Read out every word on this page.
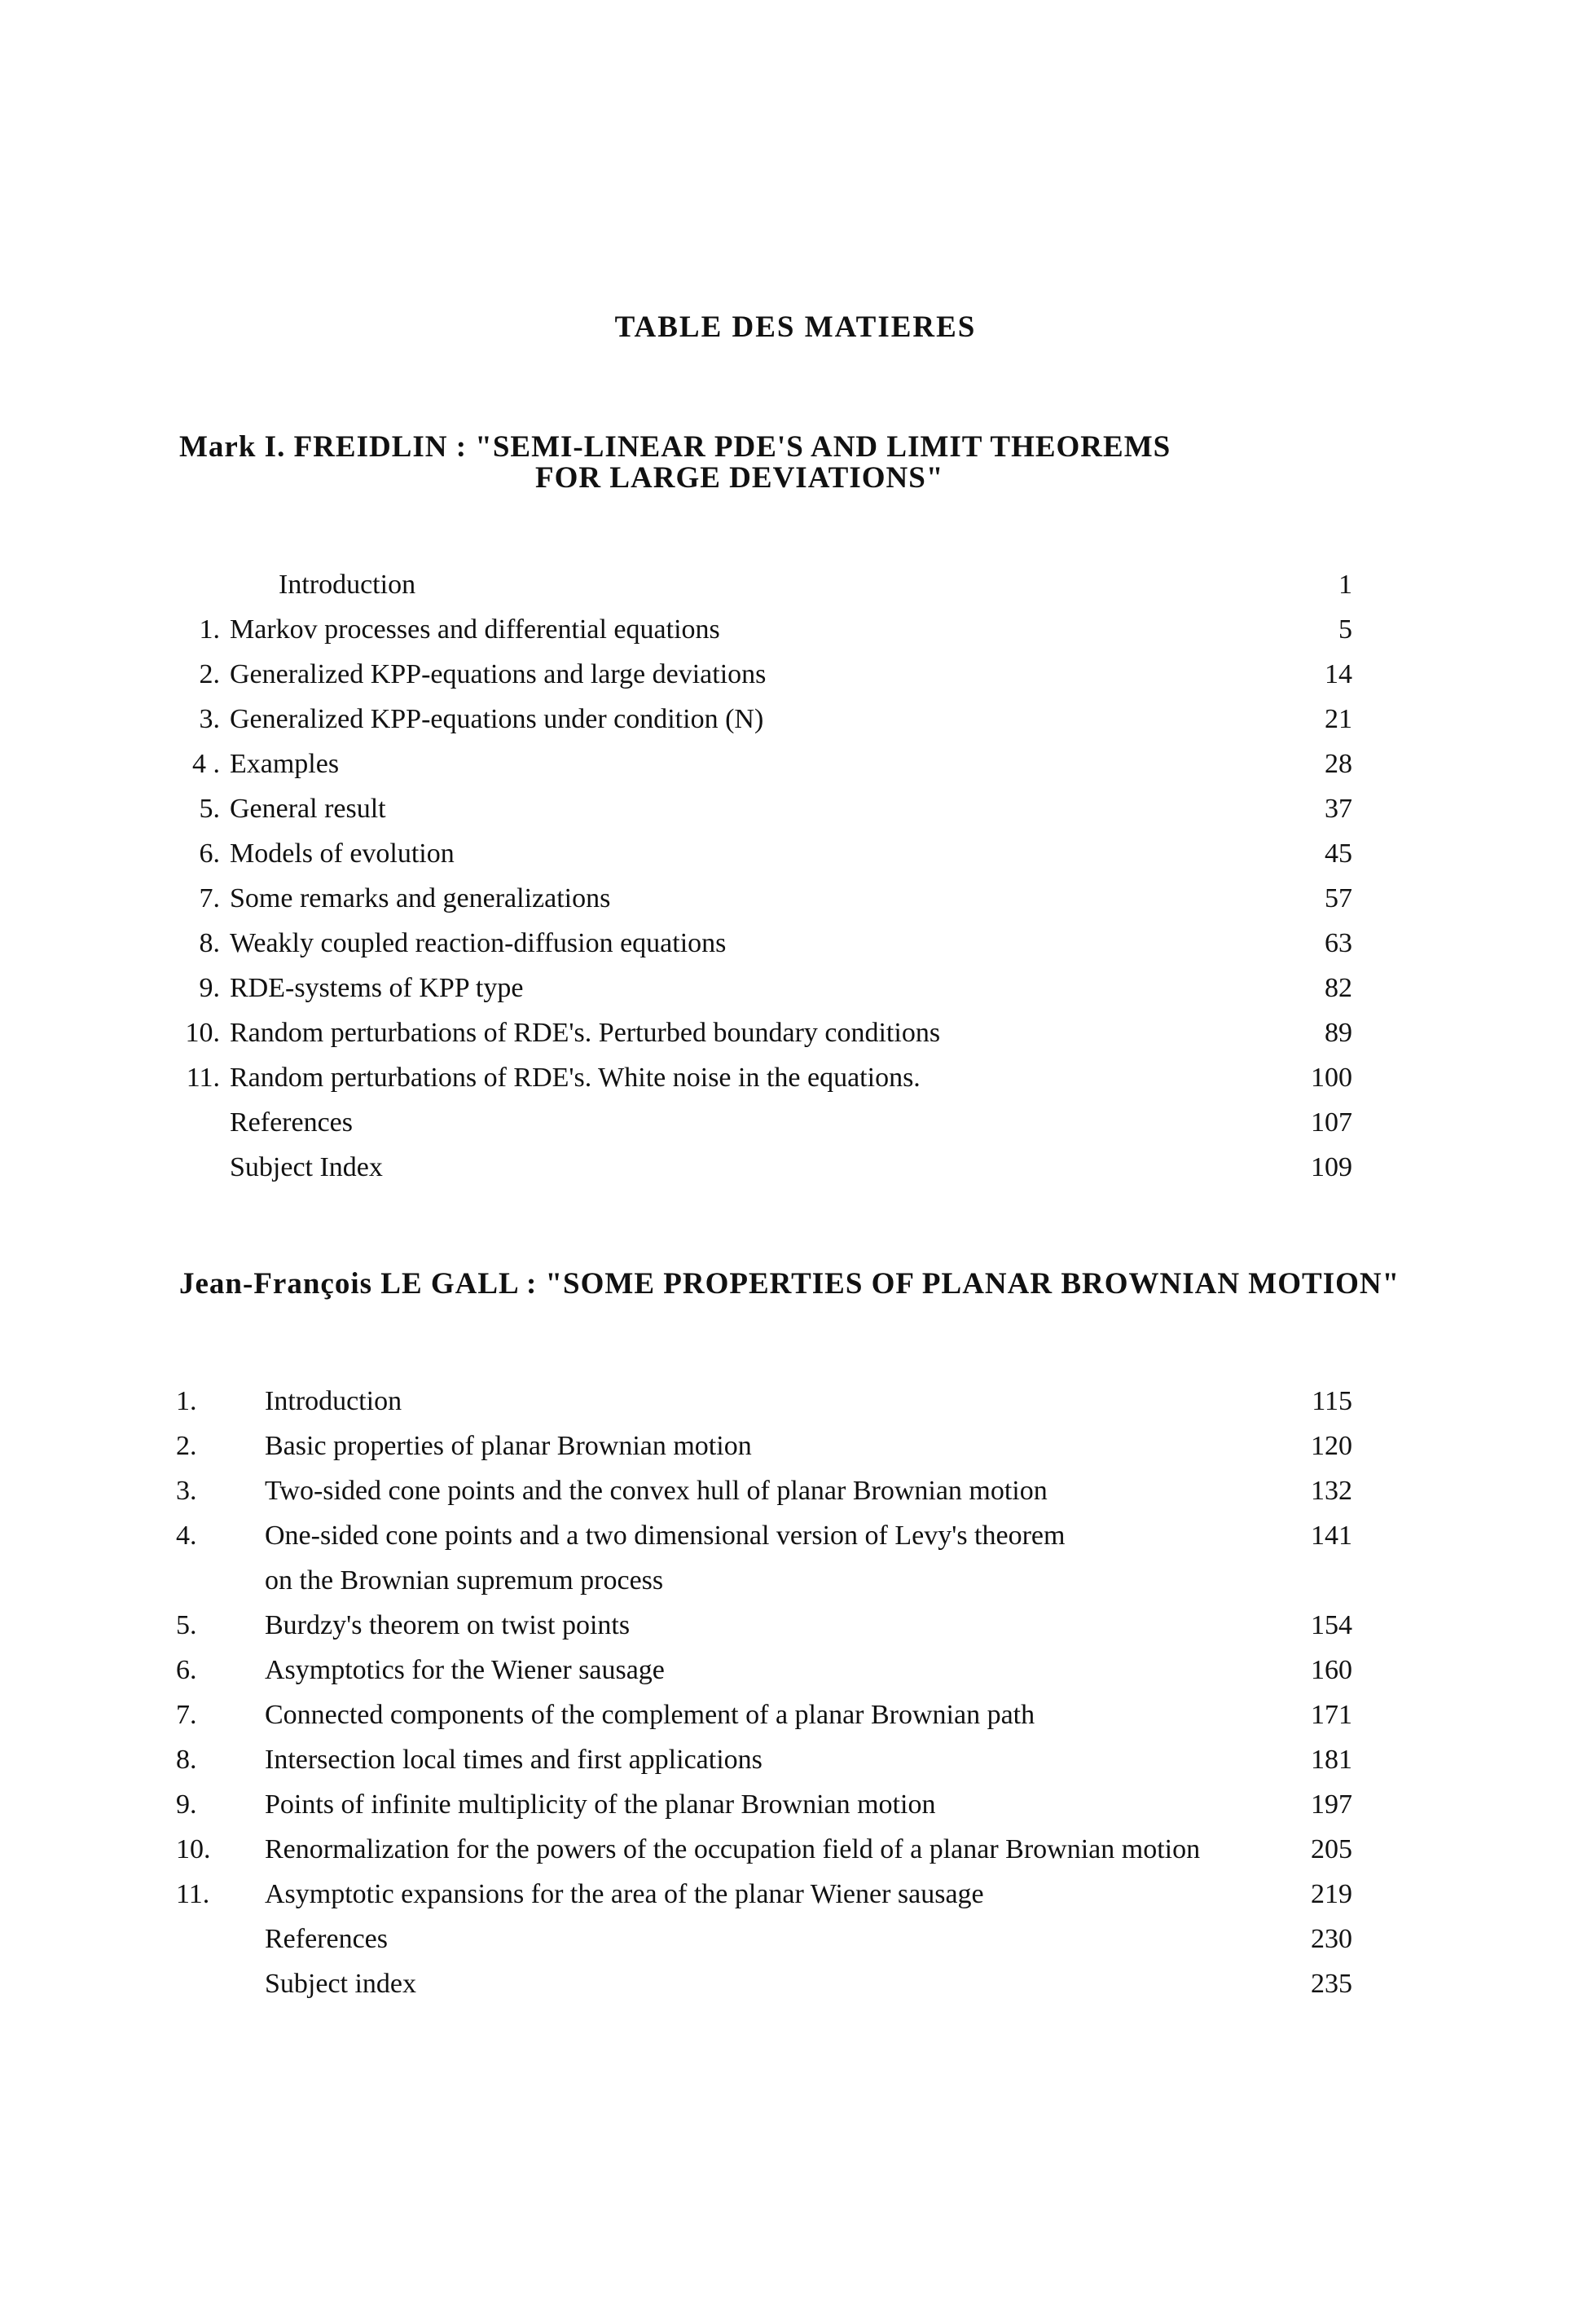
TABLE DES MATIERES
Mark I. FREIDLIN : "SEMI-LINEAR PDE'S AND LIMIT THEOREMS
FOR LARGE DEVIATIONS"
Introduction	1
1. Markov processes and differential equations	5
2. Generalized KPP-equations and large deviations	14
3. Generalized KPP-equations under condition (N)	21
4 . Examples	28
5. General result	37
6. Models of evolution	45
7. Some remarks and generalizations	57
8. Weakly coupled reaction-diffusion equations	63
9. RDE-systems of KPP type	82
10. Random perturbations of RDE's. Perturbed boundary conditions	89
11. Random perturbations of RDE's. White noise in the equations.	100
References	107
Subject Index	109
Jean-François LE GALL : "SOME PROPERTIES OF PLANAR BROWNIAN MOTION"
1.	Introduction	115
2.	Basic properties of planar Brownian motion	120
3.	Two-sided cone points and the convex hull of planar Brownian motion	132
4.	One-sided cone points and a two dimensional version of Levy's theorem	141
on the Brownian supremum process
5.	Burdzy's theorem on twist points	154
6.	Asymptotics for the Wiener sausage	160
7.	Connected components of the complement of a planar Brownian path	171
8.	Intersection local times and first applications	181
9.	Points of infinite multiplicity of the planar Brownian motion	197
10.	Renormalization for the powers of the occupation field of a planar Brownian motion	205
11.	Asymptotic expansions for the area of the planar Wiener sausage	219
References	230
Subject index	235
